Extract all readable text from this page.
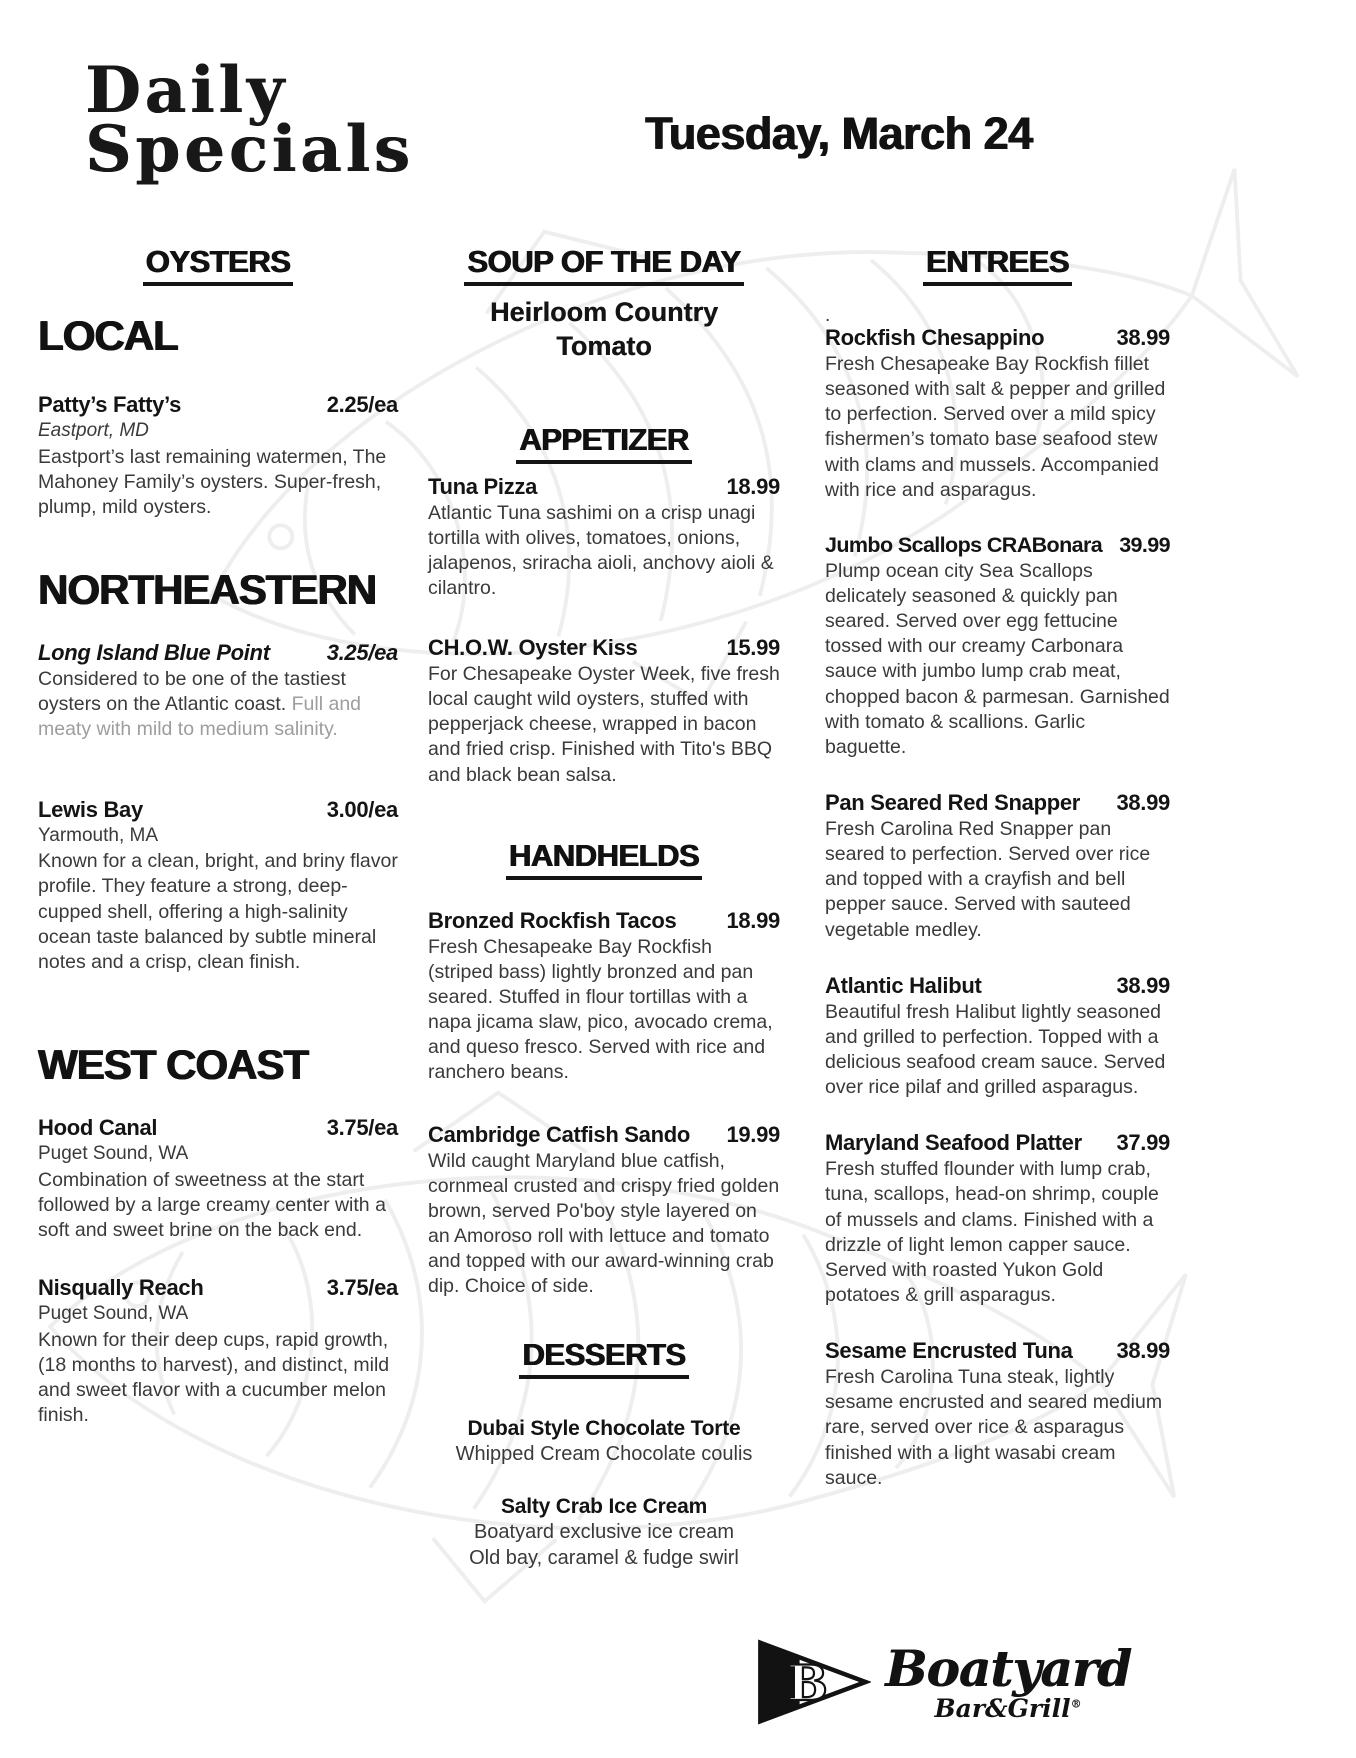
Daily
Specials	Tuesday, March 24
OYSTERS
LOCAL
Patty’s Fatty’s	2.25/ea
Eastport, MD
Eastport’s last remaining watermen, The Mahoney Family’s oysters. Super-fresh, plump, mild oysters.
NORTHEASTERN
Long Island Blue Point	3.25/ea
Considered to be one of the tastiest oysters on the Atlantic coast. Full and meaty with mild to medium salinity.
Lewis Bay	3.00/ea
Yarmouth, MA
Known for a clean, bright, and briny flavor profile. They feature a strong, deep-cupped shell, offering a high-salinity ocean taste balanced by subtle mineral notes and a crisp, clean finish.
WEST COAST
Hood Canal	3.75/ea
Puget Sound, WA
Combination of sweetness at the start followed by a large creamy center with a soft and sweet brine on the back end.
Nisqually Reach	3.75/ea
Puget Sound, WA
Known for their deep cups, rapid growth, (18 months to harvest), and distinct, mild and sweet flavor with a cucumber melon finish.
SOUP OF THE DAY
Heirloom Country Tomato
APPETIZER
Tuna Pizza	18.99
Atlantic Tuna sashimi on a crisp unagi tortilla with olives, tomatoes, onions, jalapenos, sriracha aioli, anchovy aioli & cilantro.
CH.O.W. Oyster Kiss	15.99
For Chesapeake Oyster Week, five fresh local caught wild oysters, stuffed with pepperjack cheese, wrapped in bacon and fried crisp. Finished with Tito's BBQ and black bean salsa.
HANDHELDS
Bronzed Rockfish Tacos 18.99
Fresh Chesapeake Bay Rockfish (striped bass) lightly bronzed and pan seared. Stuffed in flour tortillas with a napa jicama slaw, pico, avocado crema, and queso fresco. Served with rice and ranchero beans.
Cambridge Catfish Sando 19.99
Wild caught Maryland blue catfish, cornmeal crusted and crispy fried golden brown, served Po'boy style layered on an Amoroso roll with lettuce and tomato and topped with our award-winning crab dip. Choice of side.
DESSERTS
Dubai Style Chocolate Torte
Whipped Cream Chocolate coulis
Salty Crab Ice Cream
Boatyard exclusive ice cream
Old bay, caramel & fudge swirl
ENTREES
.
Rockfish Chesappino	38.99
Fresh Chesapeake Bay Rockfish fillet seasoned with salt & pepper and grilled to perfection. Served over a mild spicy fishermen’s tomato base seafood stew with clams and mussels. Accompanied with rice and asparagus.
Jumbo Scallops CRABonara 39.99
Plump ocean city Sea Scallops delicately seasoned & quickly pan seared. Served over egg fettucine tossed with our creamy Carbonara sauce with jumbo lump crab meat, chopped bacon & parmesan. Garnished with tomato & scallions. Garlic baguette.
Pan Seared Red Snapper 38.99
Fresh Carolina Red Snapper pan seared to perfection. Served over rice and topped with a crayfish and bell pepper sauce. Served with sauteed vegetable medley.
Atlantic Halibut	38.99
Beautiful fresh Halibut lightly seasoned and grilled to perfection. Topped with a delicious seafood cream sauce. Served over rice pilaf and grilled asparagus.
Maryland Seafood Platter 37.99
Fresh stuffed flounder with lump crab, tuna, scallops, head-on shrimp, couple of mussels and clams. Finished with a drizzle of light lemon capper sauce. Served with roasted Yukon Gold potatoes & grill asparagus.
Sesame Encrusted Tuna 38.99
Fresh Carolina Tuna steak, lightly sesame encrusted and seared medium rare, served over rice & asparagus finished with a light wasabi cream sauce.
B Boatyard
Bar&Grill®
